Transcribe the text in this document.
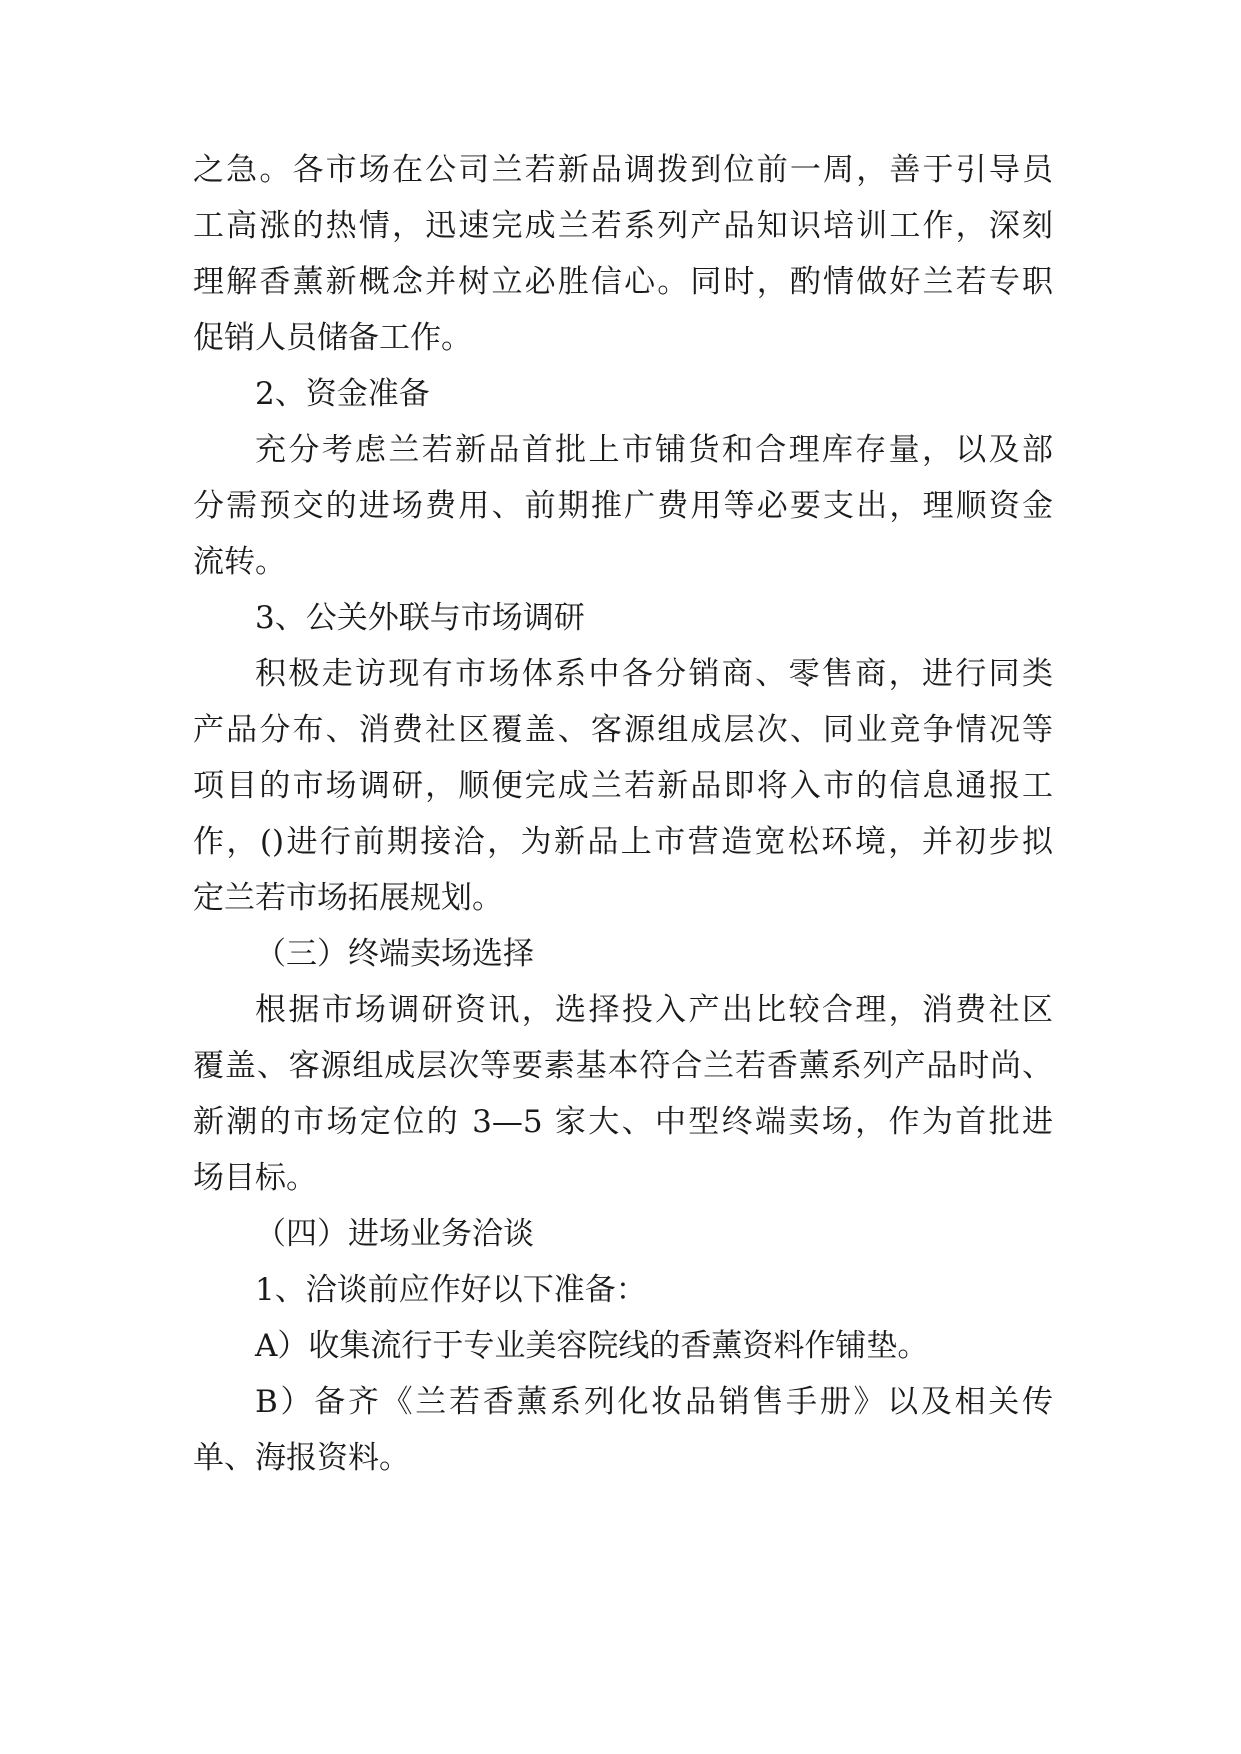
之急。各市场在公司兰若新品调拨到位前一周，善于引导员
工高涨的热情，迅速完成兰若系列产品知识培训工作，深刻
理解香薰新概念并树立必胜信心。同时，酌情做好兰若专职
促销人员储备工作。
2、资金准备
充分考虑兰若新品首批上市铺货和合理库存量，以及部
分需预交的进场费用、前期推广费用等必要支出，理顺资金
流转。
3、公关外联与市场调研
积极走访现有市场体系中各分销商、零售商，进行同类
产品分布、消费社区覆盖、客源组成层次、同业竞争情况等
项目的市场调研，顺便完成兰若新品即将入市的信息通报工
作，()进行前期接洽，为新品上市营造宽松环境，并初步拟
定兰若市场拓展规划。
（三）终端卖场选择
根据市场调研资讯，选择投入产出比较合理，消费社区
覆盖、客源组成层次等要素基本符合兰若香薰系列产品时尚、
新潮的市场定位的 3—5 家大、中型终端卖场，作为首批进
场目标。
（四）进场业务洽谈
1、洽谈前应作好以下准备：
A）收集流行于专业美容院线的香薰资料作铺垫。
B）备齐《兰若香薰系列化妆品销售手册》以及相关传
单、海报资料。
